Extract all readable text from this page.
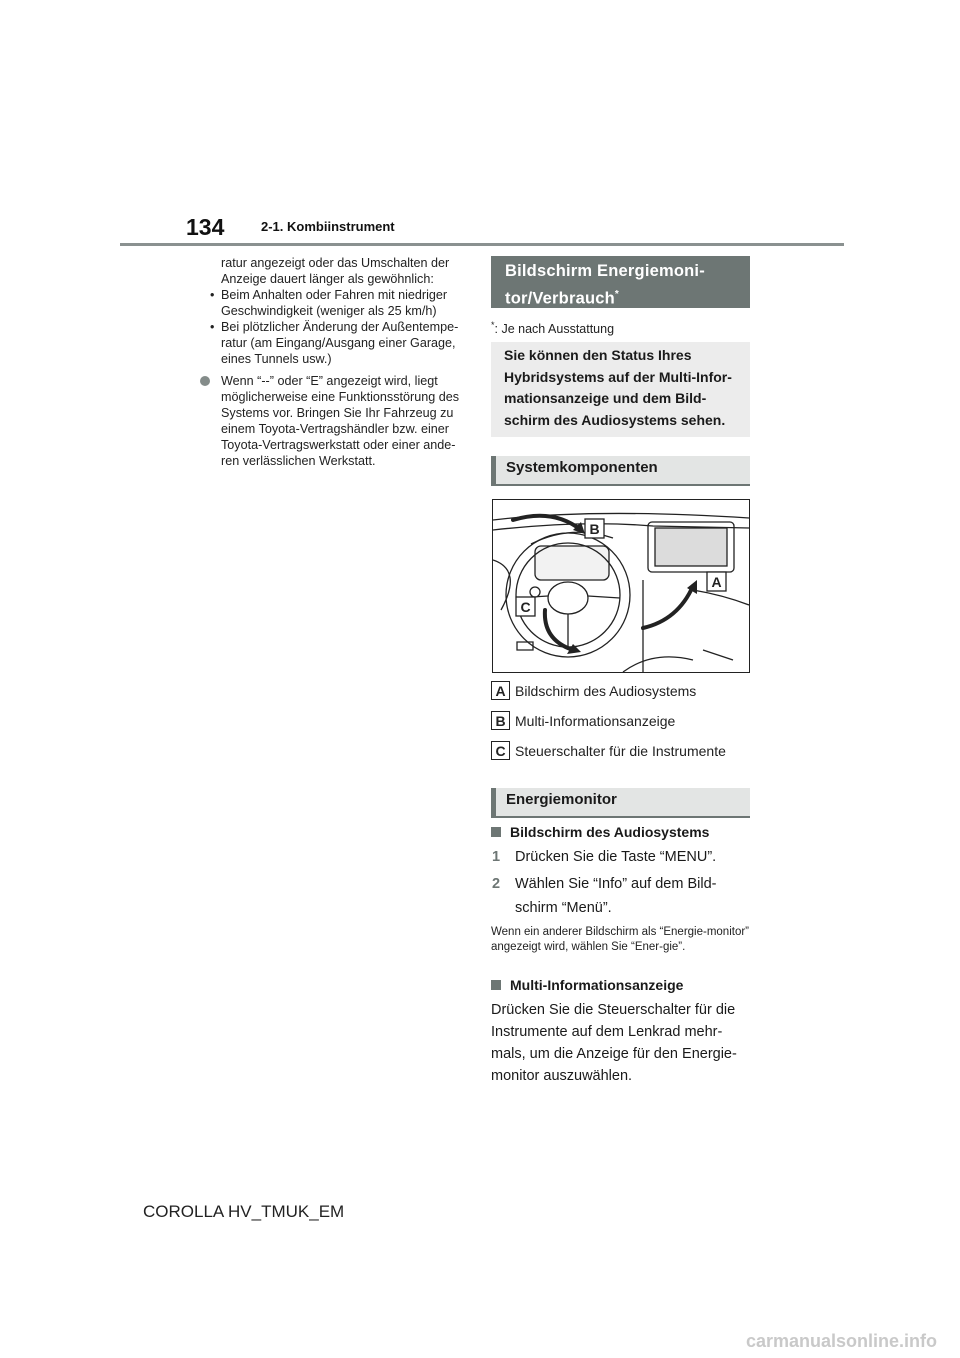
134	2-1. Kombiinstrument

ratur angezeigt oder das Umschalten der Anzeige dauert länger als gewöhnlich:

• Beim Anhalten oder Fahren mit niedriger Geschwindigkeit (weniger als 25 km/h)

• Bei plötzlicher Änderung der Außentempe-ratur (am Eingang/Ausgang einer Garage, eines Tunnels usw.)

Wenn “--” oder “E” angezeigt wird, liegt möglicherweise eine Funktionsstörung des Systems vor. Bringen Sie Ihr Fahrzeug zu einem Toyota-Vertragshändler bzw. einer Toyota-Vertragswerkstatt oder einer ande-ren verlässlichen Werkstatt.

Bildschirm Energiemoni-tor/Verbrauch*
*: Je nach Ausstattung
Sie können den Status Ihres Hybridsystems auf der Multi-Infor-mationsanzeige und dem Bild-schirm des Audiosystems sehen.
Systemkomponenten
B
A
C
A Bildschirm des Audiosystems
B Multi-Informationsanzeige
C Steuerschalter für die Instrumente
Energiemonitor
Bildschirm des Audiosystems
1	Drücken Sie die Taste “MENU”.
2	Wählen Sie “Info” auf dem Bild-schirm “Menü”.
Wenn ein anderer Bildschirm als “Energie-monitor” angezeigt wird, wählen Sie “Ener-gie”.
Multi-Informationsanzeige
Drücken Sie die Steuerschalter für die Instrumente auf dem Lenkrad mehr-mals, um die Anzeige für den Energie-monitor auszuwählen.
COROLLA HV_TMUK_EM
carmanualsonline.info
